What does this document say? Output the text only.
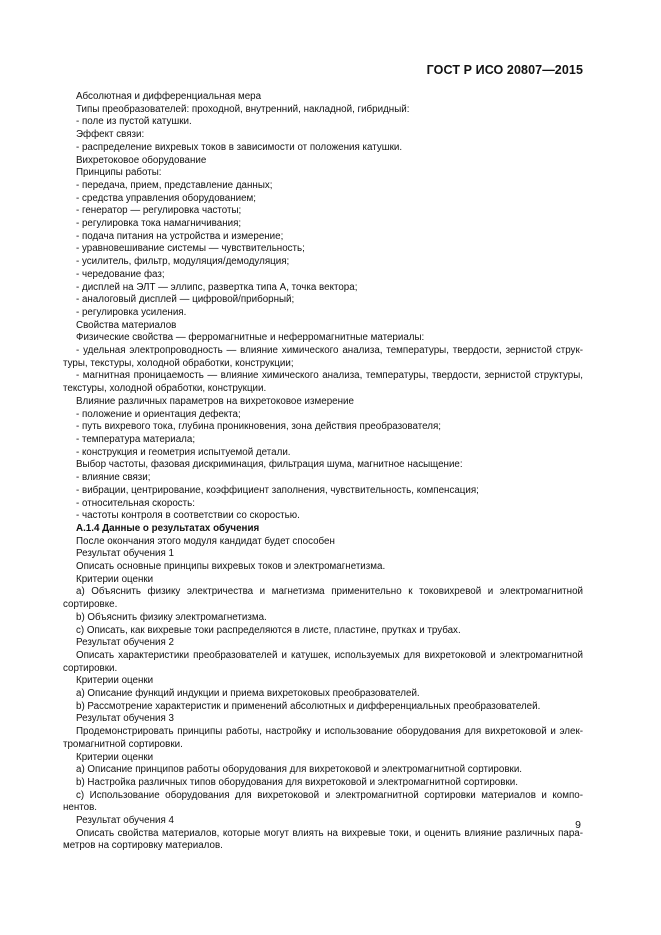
ГОСТ Р ИСО 20807—2015
Абсолютная и дифференциальная мера
Типы преобразователей: проходной, внутренний, накладной, гибридный:
- поле из пустой катушки.
Эффект связи:
- распределение вихревых токов в зависимости от положения катушки.
Вихретоковое оборудование
Принципы работы:
- передача, прием, представление данных;
- средства управления оборудованием;
- генератор — регулировка частоты;
- регулировка тока намагничивания;
- подача питания на устройства и измерение;
- уравновешивание системы — чувствительность;
- усилитель, фильтр, модуляция/демодуляция;
- чередование фаз;
- дисплей на ЭЛТ — эллипс, развертка типа А, точка вектора;
- аналоговый дисплей — цифровой/приборный;
- регулировка усиления.
Свойства материалов
Физические свойства — ферромагнитные и неферромагнитные материалы:
- удельная электропроводность — влияние химического анализа, температуры, твердости, зернистой струк-
туры, текстуры, холодной обработки, конструкции;
- магнитная проницаемость — влияние химического анализа, температуры, твердости, зернистой структуры,
текстуры, холодной обработки, конструкции.
Влияние различных параметров на вихретоковое измерение
- положение и ориентация дефекта;
- путь вихревого тока, глубина проникновения, зона действия преобразователя;
- температура материала;
- конструкция и геометрия испытуемой детали.
Выбор частоты, фазовая дискриминация, фильтрация шума, магнитное насыщение:
- влияние связи;
- вибрации, центрирование, коэффициент заполнения, чувствительность, компенсация;
- относительная скорость:
- частоты контроля в соответствии со скоростью.
А.1.4 Данные о результатах обучения
После окончания этого модуля кандидат будет способен
Результат обучения 1
Описать основные принципы вихревых токов и электромагнетизма.
Критерии оценки
а) Объяснить физику электричества и магнетизма применительно к токовихревой и электромагнитной
сортировке.
b) Объяснить физику электромагнетизма.
c) Описать, как вихревые токи распределяются в листе, пластине, прутках и трубах.
Результат обучения 2
Описать характеристики преобразователей и катушек, используемых для вихретоковой и электромагнитной
сортировки.
Критерии оценки
а) Описание функций индукции и приема вихретоковых преобразователей.
b) Рассмотрение характеристик и применений абсолютных и дифференциальных преобразователей.
Результат обучения 3
Продемонстрировать принципы работы, настройку и использование оборудования для вихретоковой и элек-
тромагнитной сортировки.
Критерии оценки
а) Описание принципов работы оборудования для вихретоковой и электромагнитной сортировки.
b) Настройка различных типов оборудования для вихретоковой и электромагнитной сортировки.
c) Использование оборудования для вихретоковой и электромагнитной сортировки материалов и компо-
нентов.
Результат обучения 4
Описать свойства материалов, которые могут влиять на вихревые токи, и оценить влияние различных пара-
метров на сортировку материалов.
9
